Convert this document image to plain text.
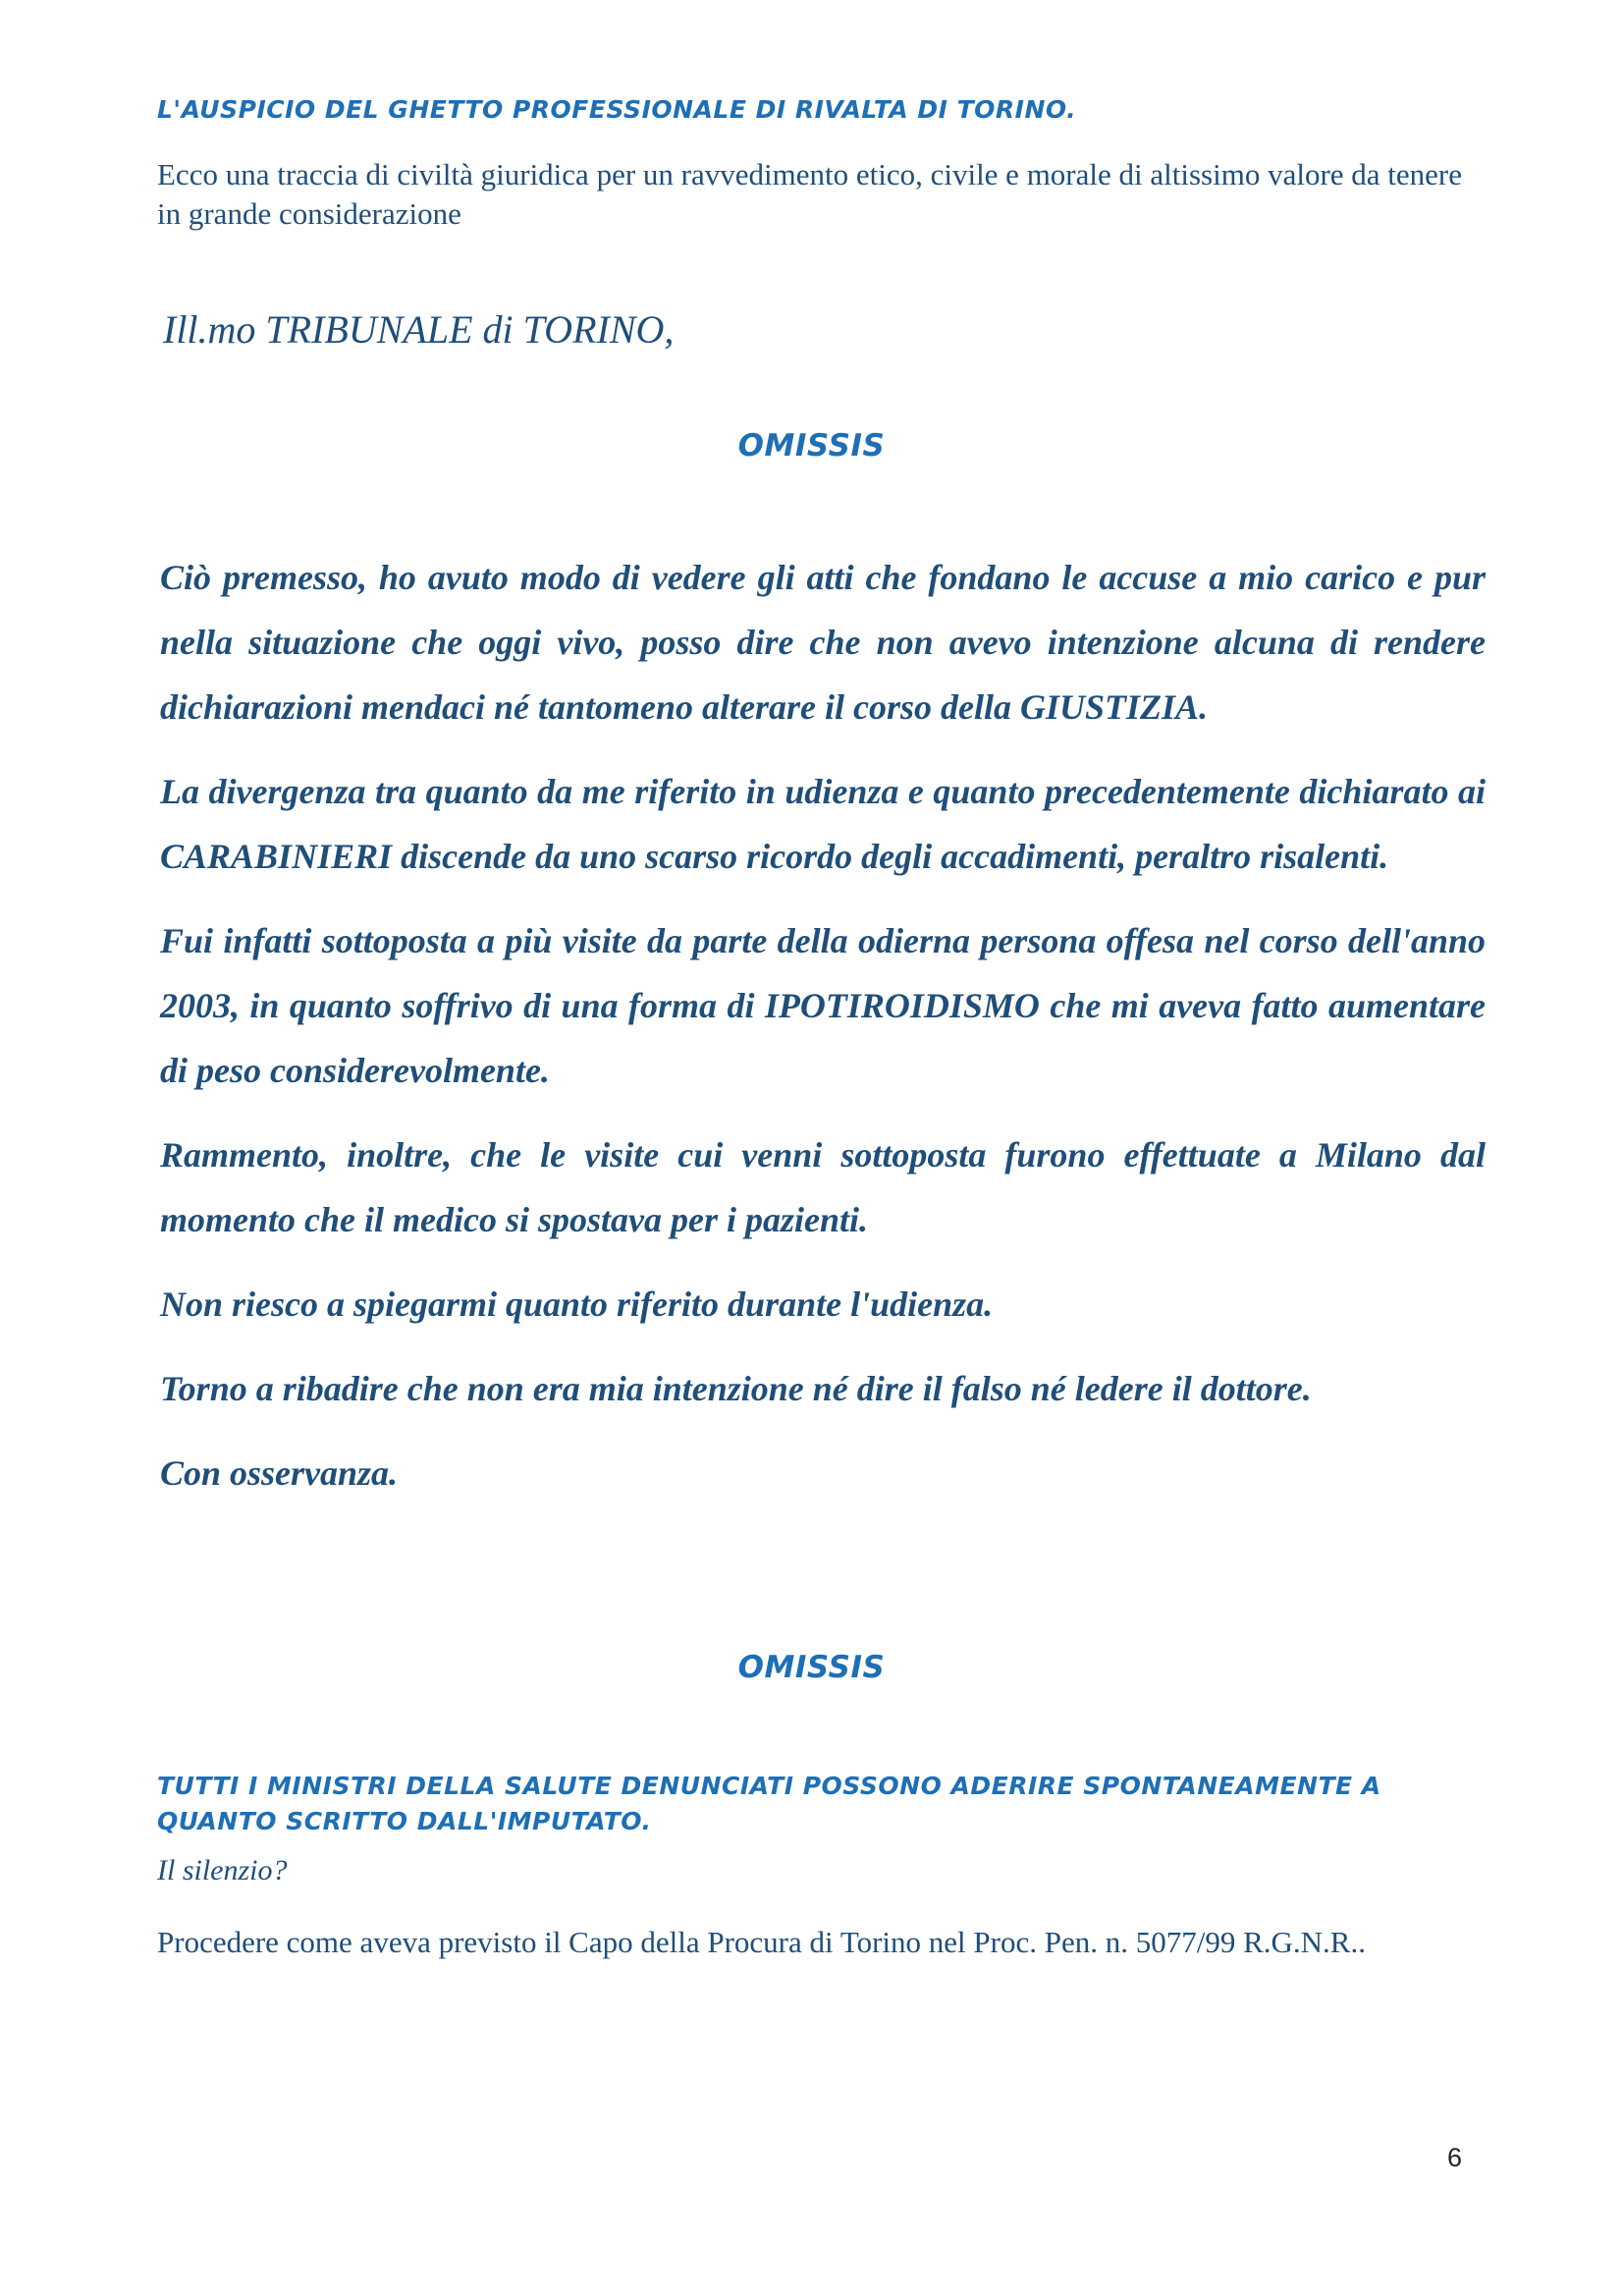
L'AUSPICIO DEL GHETTO PROFESSIONALE DI RIVALTA DI TORINO.
Ecco una traccia di civiltà giuridica per un ravvedimento etico, civile e morale di altissimo valore da tenere in grande considerazione
Ill.mo TRIBUNALE di TORINO,
OMISSIS

Ciò premesso, ho avuto modo di vedere gli atti che fondano le accuse a mio carico e pur nella situazione che oggi vivo, posso dire che non avevo intenzione alcuna di rendere dichiarazioni mendaci né tantomeno alterare il corso della GIUSTIZIA.

La divergenza tra quanto da me riferito in udienza e quanto precedentemente dichiarato ai CARABINIERI discende da uno scarso ricordo degli accadimenti, peraltro risalenti.

Fui infatti sottoposta a più visite da parte della odierna persona offesa nel corso dell'anno 2003, in quanto soffrivo di una forma di IPOTIROIDISMO che mi aveva fatto aumentare di peso considerevolmente.

Rammento, inoltre, che le visite cui venni sottoposta furono effettuate a Milano dal momento che il medico si spostava per i pazienti.

Non riesco a spiegarmi quanto riferito durante l'udienza.

Torno a ribadire che non era mia intenzione né dire il falso né ledere il dottore.

Con osservanza.

OMISSIS
TUTTI I MINISTRI DELLA SALUTE DENUNCIATI POSSONO ADERIRE SPONTANEAMENTE A QUANTO SCRITTO DALL'IMPUTATO.
Il silenzio?
Procedere come aveva previsto il Capo della Procura di Torino nel Proc. Pen. n. 5077/99 R.G.N.R..
6
